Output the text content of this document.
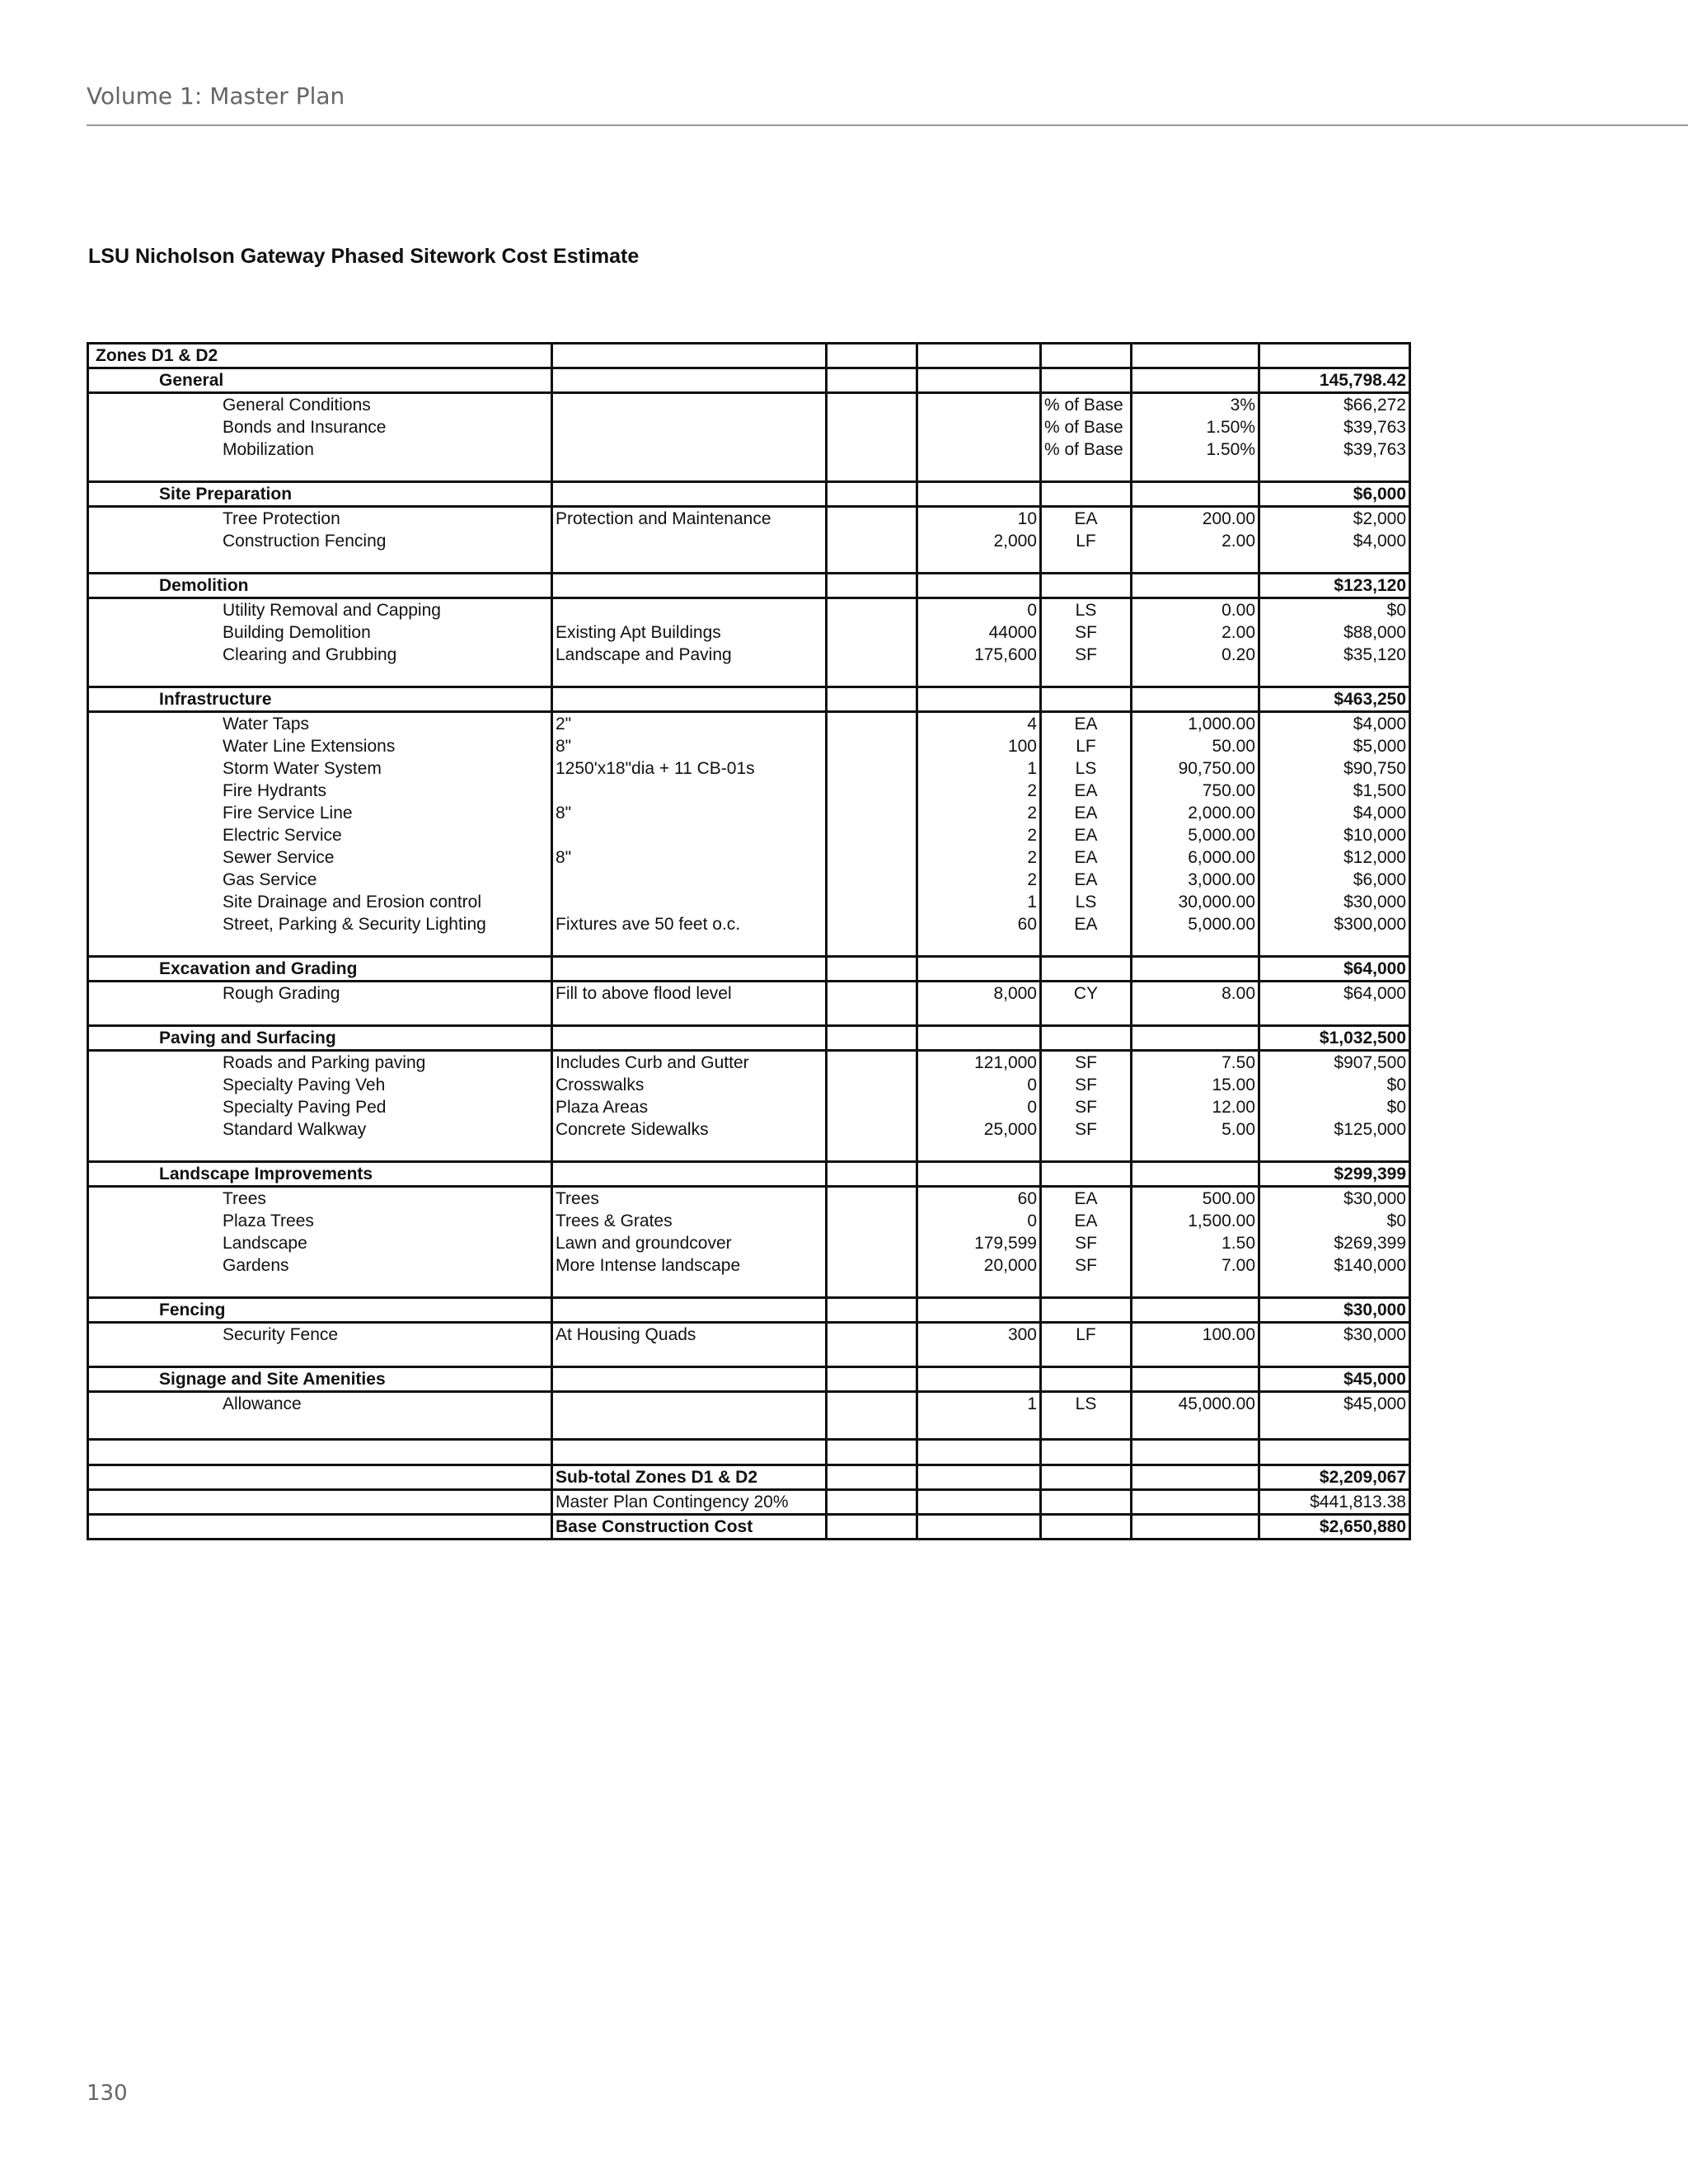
Volume 1: Master Plan
LSU Nicholson Gateway Phased Sitework Cost Estimate
Zones D1 & D2						
General						145,798.42
General Conditions				% of Base	3%	$66,272
Bonds and Insurance				% of Base	1.50%	$39,763
Mobilization				% of Base	1.50%	$39,763

Site Preparation						$6,000
Tree Protection	Protection and Maintenance		10	EA	200.00	$2,000
Construction Fencing			2,000	LF	2.00	$4,000

Demolition						$123,120
Utility Removal and Capping			0	LS	0.00	$0
Building Demolition	Existing Apt Buildings		44000	SF	2.00	$88,000
Clearing and Grubbing	Landscape and Paving		175,600	SF	0.20	$35,120

Infrastructure						$463,250
Water Taps	2"		4	EA	1,000.00	$4,000
Water Line Extensions	8"		100	LF	50.00	$5,000
Storm Water System	1250'x18"dia + 11 CB-01s		1	LS	90,750.00	$90,750
Fire Hydrants			2	EA	750.00	$1,500
Fire Service Line	8"		2	EA	2,000.00	$4,000
Electric Service			2	EA	5,000.00	$10,000
Sewer Service	8"		2	EA	6,000.00	$12,000
Gas Service			2	EA	3,000.00	$6,000
Site Drainage and Erosion control			1	LS	30,000.00	$30,000
Street, Parking & Security Lighting	Fixtures ave 50 feet o.c.		60	EA	5,000.00	$300,000

Excavation and Grading						$64,000
Rough Grading	Fill to above flood level		8,000	CY	8.00	$64,000

Paving and Surfacing						$1,032,500
Roads and Parking paving	Includes Curb and Gutter		121,000	SF	7.50	$907,500
Specialty Paving Veh	Crosswalks		0	SF	15.00	$0
Specialty Paving Ped	Plaza Areas		0	SF	12.00	$0
Standard Walkway	Concrete Sidewalks		25,000	SF	5.00	$125,000

Landscape Improvements						$299,399
Trees	Trees		60	EA	500.00	$30,000
Plaza Trees	Trees & Grates		0	EA	1,500.00	$0
Landscape	Lawn and groundcover		179,599	SF	1.50	$269,399
Gardens	More Intense landscape		20,000	SF	7.00	$140,000

Fencing						$30,000
Security Fence	At Housing Quads		300	LF	100.00	$30,000

Signage and Site Amenities						$45,000
Allowance			1	LS	45,000.00	$45,000

	Sub-total Zones D1 & D2					$2,209,067
	Master Plan Contingency 20%					$441,813.38
	Base Construction Cost					$2,650,880
130
